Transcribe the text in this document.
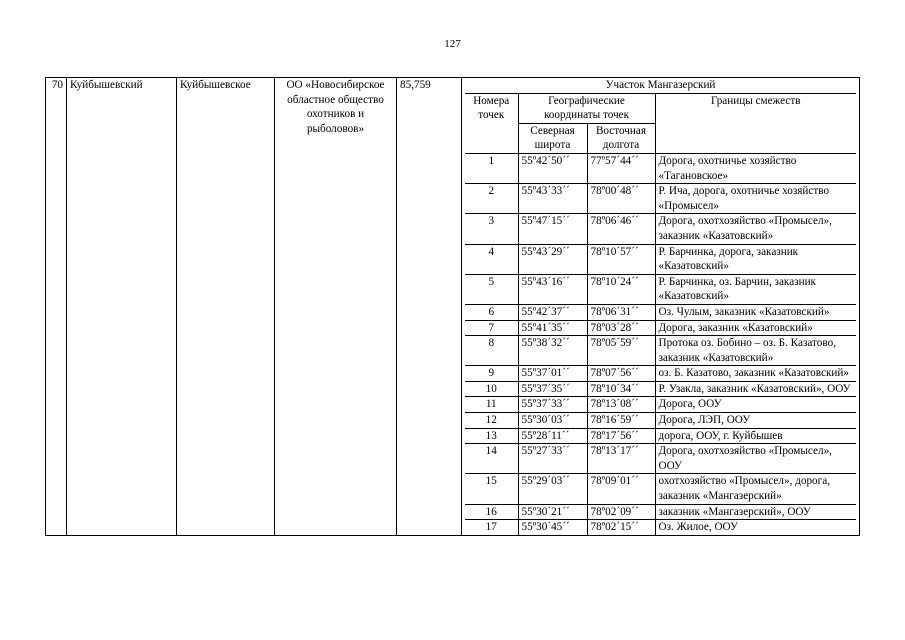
127
70	Куйбышевский	Куйбышевское	ОО «Новосибирское областное общество охотников и рыболовов»	85,759		Участок Мангазерский
Номера точек	Географические координаты точек	Границы смежеств
Северная широта	Восточная долгота
1	55º42´50´´	77º57´44´´	Дорога, охотничье хозяйство «Тагановское»
2	55º43´33´´	78º00´48´´	Р. Ича, дорога, охотничье хозяйство «Промысел»
3	55º47´15´´	78º06´46´´	Дорога, охотхозяйство «Промысел», заказник «Казатовский»
4	55º43´29´´	78º10´57´´	Р. Барчинка, дорога, заказник «Казатовский»
5	55º43´16´´	78º10´24´´	Р. Барчинка, оз. Барчин, заказник «Казатовский»
6	55º42´37´´	78º06´31´´	Оз. Чулым, заказник «Казатовский»
7	55º41´35´´	78º03´28´´	Дорога, заказник «Казатовский»
8	55º38´32´´	78º05´59´´	Протока оз. Бобино – оз. Б. Казатово, заказник «Казатовский»
9	55º37´01´´	78º07´56´´	оз. Б. Казатово, заказник «Казатовский»
10	55º37´35´´	78º10´34´´	Р. Узакла, заказник «Казатовский», ООУ
11	55º37´33´´	78º13´08´´	Дорога, ООУ
12	55º30´03´´	78º16´59´´	Дорога, ЛЭП, ООУ
13	55º28´11´´	78º17´56´´	дорога, ООУ, г. Куйбышев
14	55º27´33´´	78º13´17´´	Дорога, охотхозяйство «Промысел», ООУ
15	55º29´03´´	78º09´01´´	охотхозяйство «Промысел», дорога, заказник «Мангазерский»
16	55º30´21´´	78º02´09´´	заказник «Мангазерский», ООУ
17	55º30´45´´	78º02´15´´	Оз. Жилое, ООУ
